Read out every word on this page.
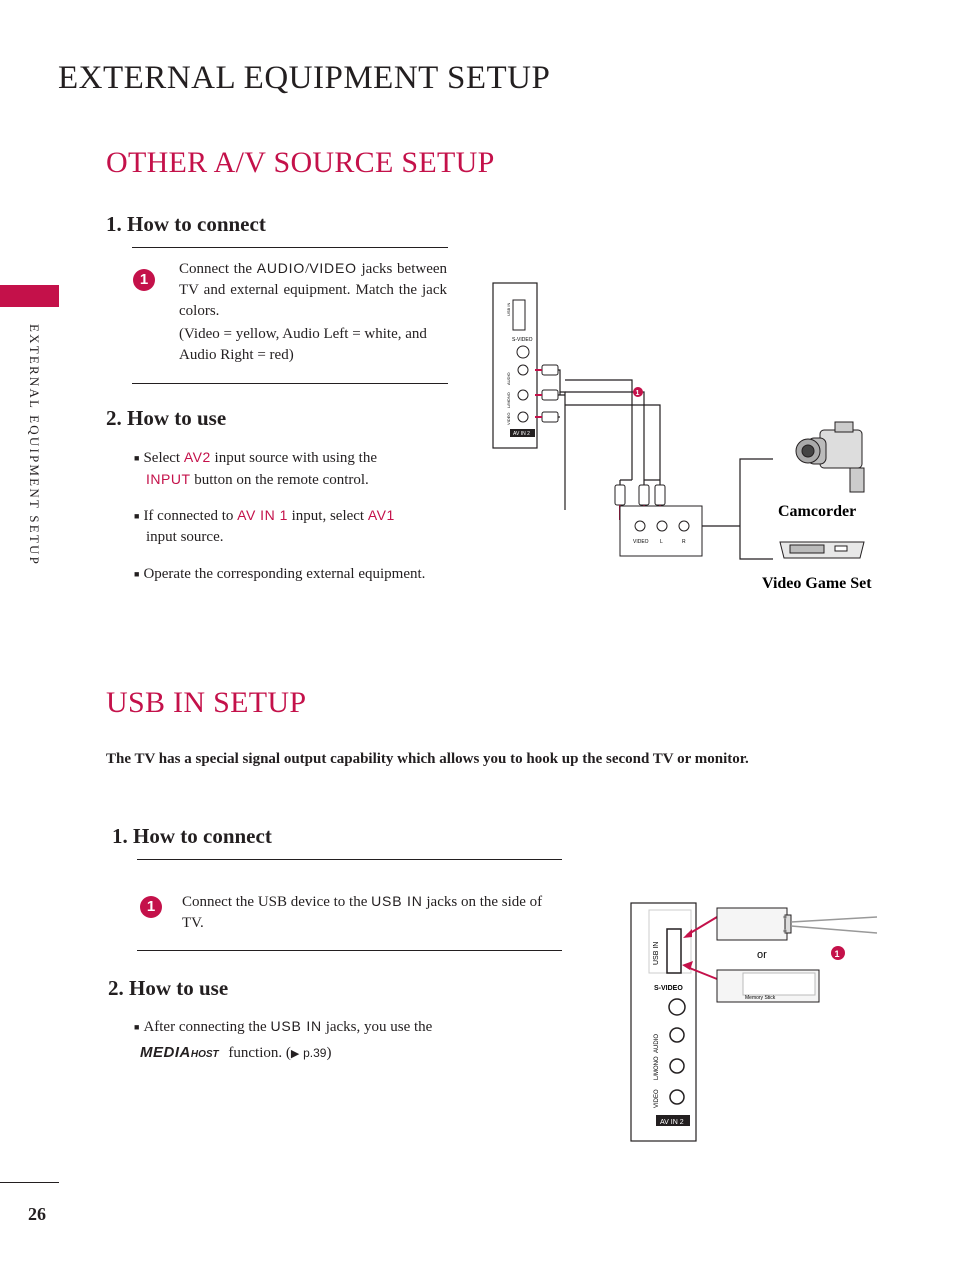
EXTERNAL EQUIPMENT SETUP
EXTERNAL EQUIPMENT SETUP
OTHER A/V SOURCE SETUP
1. How to connect
1
Connect the AUDIO/VIDEO jacks between TV and external equipment. Match the jack colors.
(Video = yellow, Audio Left = white, and Audio Right = red)
2. How to use
■ Select AV2 input source with using the
INPUT button on the remote control.
■ If connected to AV IN 1 input, select AV1
input source.
■ Operate the corresponding external equipment.
USB IN
S-VIDEO
VIDEO
L/MONO
AUDIO
AV IN 2
1
VIDEO L	R
Camcorder
Video Game Set
USB IN SETUP
The TV has a special signal output capability which allows you to hook up the second TV or monitor.
1. How to connect
1	Connect the USB device to the USB IN jacks on the side of TV.
2. How to use
■ After connecting the USB IN jacks, you use the
MEDIAHOST function. (▶ p.39)
USB IN
S-VIDEO
VIDEO
L/MONO
AUDIO
AV IN 2
or	1
Memory Stick
26
